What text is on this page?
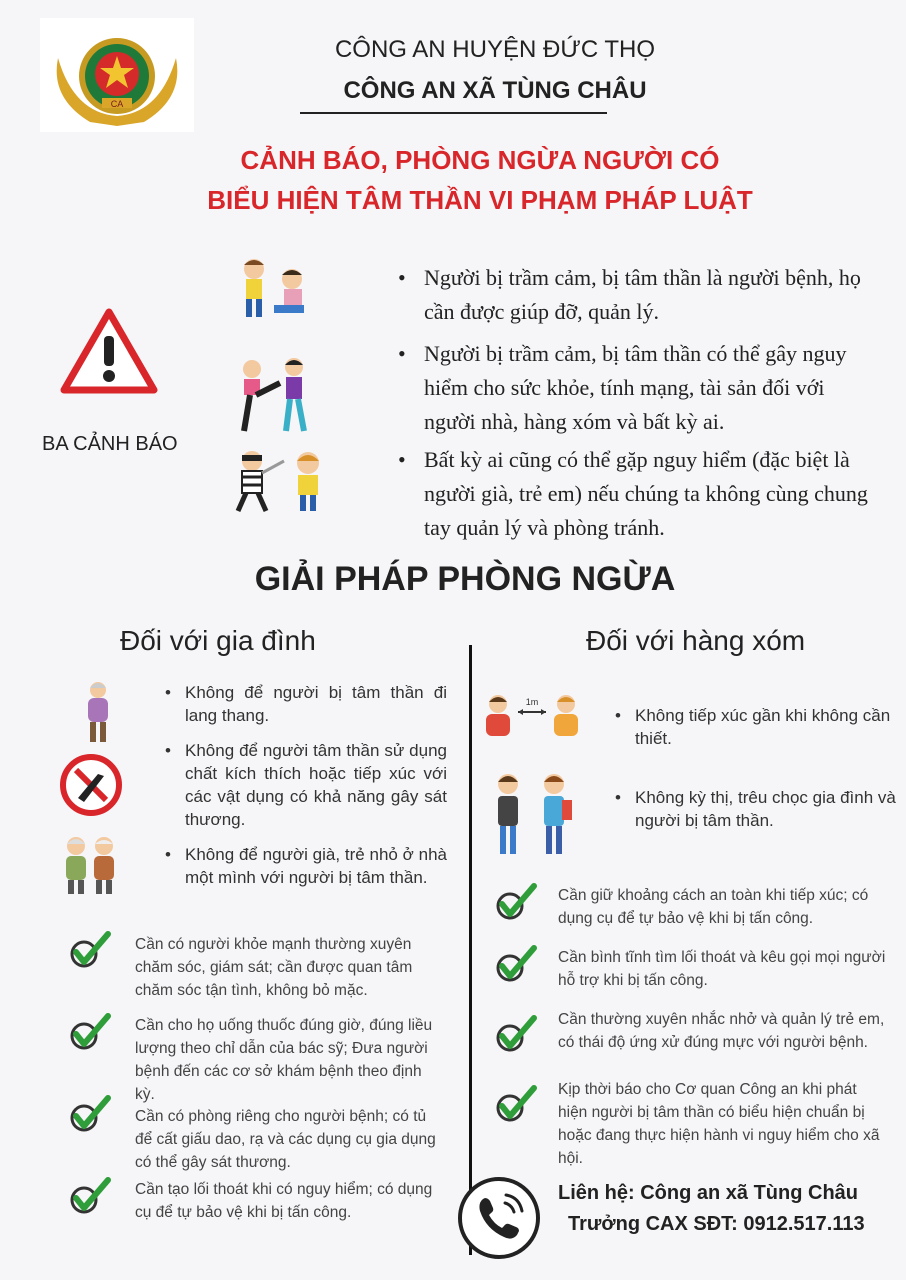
CA
CÔNG AN HUYỆN ĐỨC THỌ
CÔNG AN XÃ TÙNG CHÂU
CẢNH BÁO, PHÒNG NGỪA NGƯỜI CÓ
BIỂU HIỆN TÂM THẦN VI PHẠM PHÁP LUẬT
BA CẢNH BÁO
• Người bị trầm cảm, bị tâm thần là người bệnh, họ cần được giúp đỡ, quản lý.
• Người bị trầm cảm, bị tâm thần có thể gây nguy hiểm cho sức khỏe, tính mạng, tài sản đối với người nhà, hàng xóm và bất kỳ ai.
• Bất kỳ ai cũng có thể gặp nguy hiểm (đặc biệt là người già, trẻ em) nếu chúng ta không cùng chung tay quản lý và phòng tránh.
GIẢI PHÁP PHÒNG NGỪA
Đối với gia đình	Đối với hàng xóm
• Không để người bị tâm thần đi lang thang.
• Không để người tâm thần sử dụng chất kích thích hoặc tiếp xúc với các vật dụng có khả năng gây sát thương.
• Không để người già, trẻ nhỏ ở nhà một mình với người bị tâm thần.
Cần có người khỏe mạnh thường xuyên chăm sóc, giám sát; cần được quan tâm chăm sóc tận tình, không bỏ mặc.
Cần cho họ uống thuốc đúng giờ, đúng liều lượng theo chỉ dẫn của bác sỹ; Đưa người bệnh đến các cơ sở khám bệnh theo định kỳ.
Cần có phòng riêng cho người bệnh; có tủ để cất giấu dao, rạ và các dụng cụ gia dụng có thể gây sát thương.
Cần tạo lối thoát khi có nguy hiểm; có dụng cụ để tự bảo vệ khi bị tấn công.
1m
• Không tiếp xúc gần khi không cần thiết.
• Không kỳ thị, trêu chọc gia đình và người bị tâm thần.
Cần giữ khoảng cách an toàn khi tiếp xúc; có dụng cụ để tự bảo vệ khi bị tấn công.
Cần bình tĩnh tìm lối thoát và kêu gọi mọi người hỗ trợ khi bị tấn công.
Cần thường xuyên nhắc nhở và quản lý trẻ em, có thái độ ứng xử đúng mực với người bệnh.
Kịp thời báo cho Cơ quan Công an khi phát hiện người bị tâm thần có biểu hiện chuẩn bị hoặc đang thực hiện hành vi nguy hiểm cho xã hội.
Liên hệ: Công an xã Tùng Châu
Trưởng CAX SĐT: 0912.517.113
